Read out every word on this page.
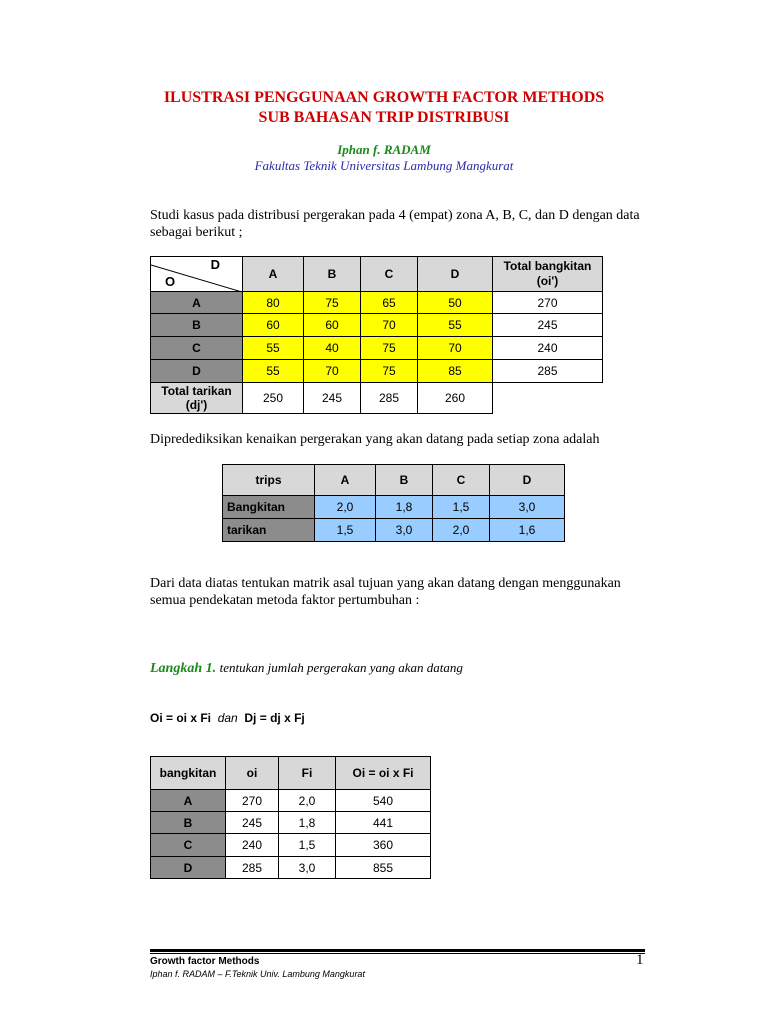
ILUSTRASI PENGGUNAAN GROWTH FACTOR METHODS
SUB BAHASAN TRIP DISTRIBUSI
Iphan f. RADAM
Fakultas Teknik Universitas Lambung Mangkurat
Studi kasus pada distribusi pergerakan pada 4 (empat) zona A, B, C, dan D dengan data sebagai berikut ;
D
O	A	B	C	D	Total bangkitan (oi')
A	80	75	65	50	270
B	60	60	70	55	245
C	55	40	75	70	240
D	55	70	75	85	285
Total tarikan (dj')	250	245	285	260	
Dipredediksikan kenaikan pergerakan yang akan datang pada setiap zona adalah
trips	A	B	C	D
Bangkitan	2,0	1,8	1,5	3,0
tarikan	1,5	3,0	2,0	1,6
Dari data diatas tentukan matrik asal tujuan yang akan datang dengan menggunakan semua pendekatan metoda faktor pertumbuhan :
Langkah 1. tentukan jumlah pergerakan yang akan datang
Oi = oi x Fi dan Dj = dj x Fj
bangkitan	oi	Fi	Oi = oi x Fi
A	270	2,0	540
B	245	1,8	441
C	240	1,5	360
D	285	3,0	855
Growth factor Methods
Iphan f. RADAM – F.Teknik Univ. Lambung Mangkurat
1
